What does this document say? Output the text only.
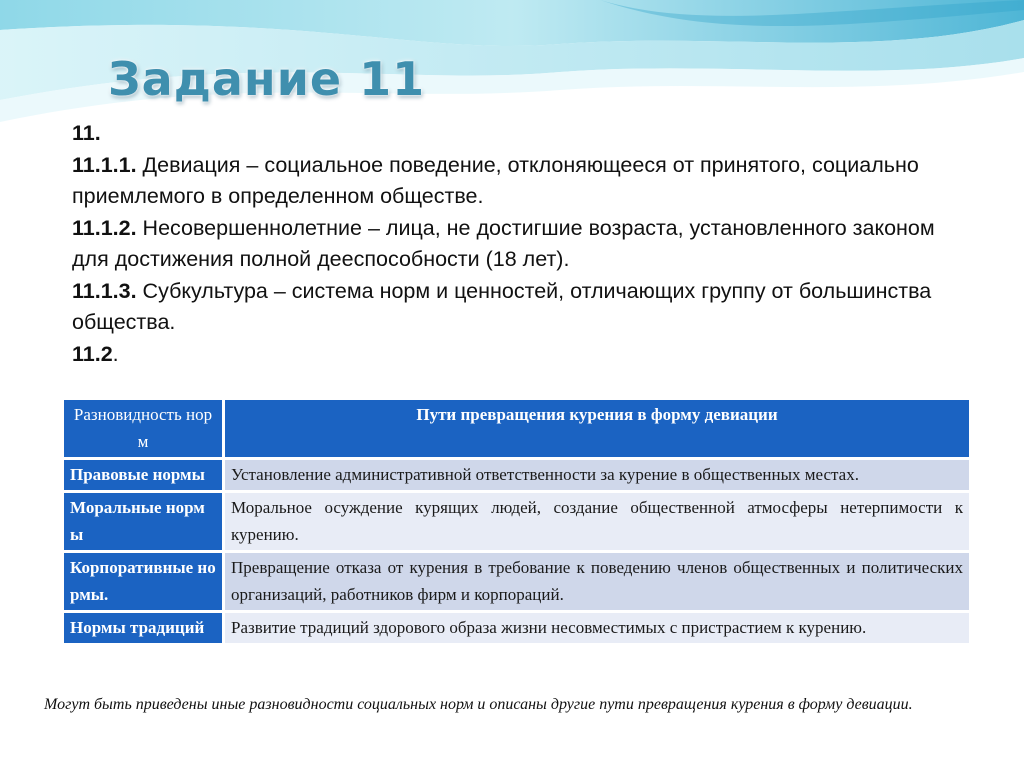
Задание 11

11.

11.1.1. Девиация – социальное поведение, отклоняющееся от принятого, социально приемлемого в определенном обществе.

11.1.2. Несовершеннолетние – лица, не достигшие возраста, установленного законом для достижения полной дееспособности (18 лет).

11.1.3. Субкультура – система норм и ценностей, отличающих группу от большинства общества.

11.2.

Разновидность норм	Пути превращения курения в форму девиации
Правовые нормы	Установление административной ответственности за курение в общественных местах.
Моральные нормы	Моральное осуждение курящих людей, создание общественной атмосферы нетерпимости к курению.
Корпоративные нормы.	Превращение отказа от курения в требование к поведению членов общественных и политических организаций, работников фирм и корпораций.
Нормы традиций	Развитие традиций здорового образа жизни несовместимых с пристрастием к курению.
Могут быть приведены иные разновидности социальных норм и описаны другие пути превращения курения в форму девиации.
